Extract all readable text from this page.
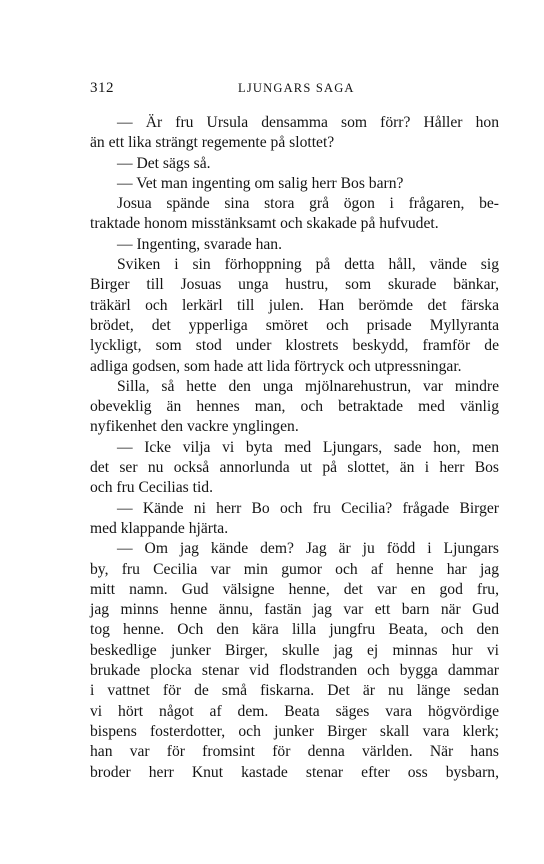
312	LJUNGARS SAGA
— Är fru Ursula densamma som förr? Håller hon
än ett lika strängt regemente på slottet?
— Det sägs så.
— Vet man ingenting om salig herr Bos barn?
Josua spände sina stora grå ögon i frågaren, be-
traktade honom misstänksamt och skakade på hufvudet.
— Ingenting, svarade han.
Sviken i sin förhoppning på detta håll, vände sig
Birger till Josuas unga hustru, som skurade bänkar,
träkärl och lerkärl till julen. Han berömde det färska
brödet, det ypperliga smöret och prisade Myllyranta
lyckligt, som stod under klostrets beskydd, framför de
adliga godsen, som hade att lida förtryck och utpressningar.
Silla, så hette den unga mjölnarehustrun, var mindre
obeveklig än hennes man, och betraktade med vänlig
nyfikenhet den vackre ynglingen.
— Icke vilja vi byta med Ljungars, sade hon, men
det ser nu också annorlunda ut på slottet, än i herr Bos
och fru Cecilias tid.
— Kände ni herr Bo och fru Cecilia? frågade Birger
med klappande hjärta.
— Om jag kände dem? Jag är ju född i Ljungars
by, fru Cecilia var min gumor och af henne har jag
mitt namn. Gud välsigne henne, det var en god fru,
jag minns henne ännu, fastän jag var ett barn när Gud
tog henne. Och den kära lilla jungfru Beata, och den
beskedlige junker Birger, skulle jag ej minnas hur vi
brukade plocka stenar vid flodstranden och bygga dammar
i vattnet för de små fiskarna. Det är nu länge sedan
vi hört något af dem. Beata säges vara högvördige
bispens fosterdotter, och junker Birger skall vara klerk;
han var för fromsint för denna världen. När hans
broder herr Knut kastade stenar efter oss bysbarn,
